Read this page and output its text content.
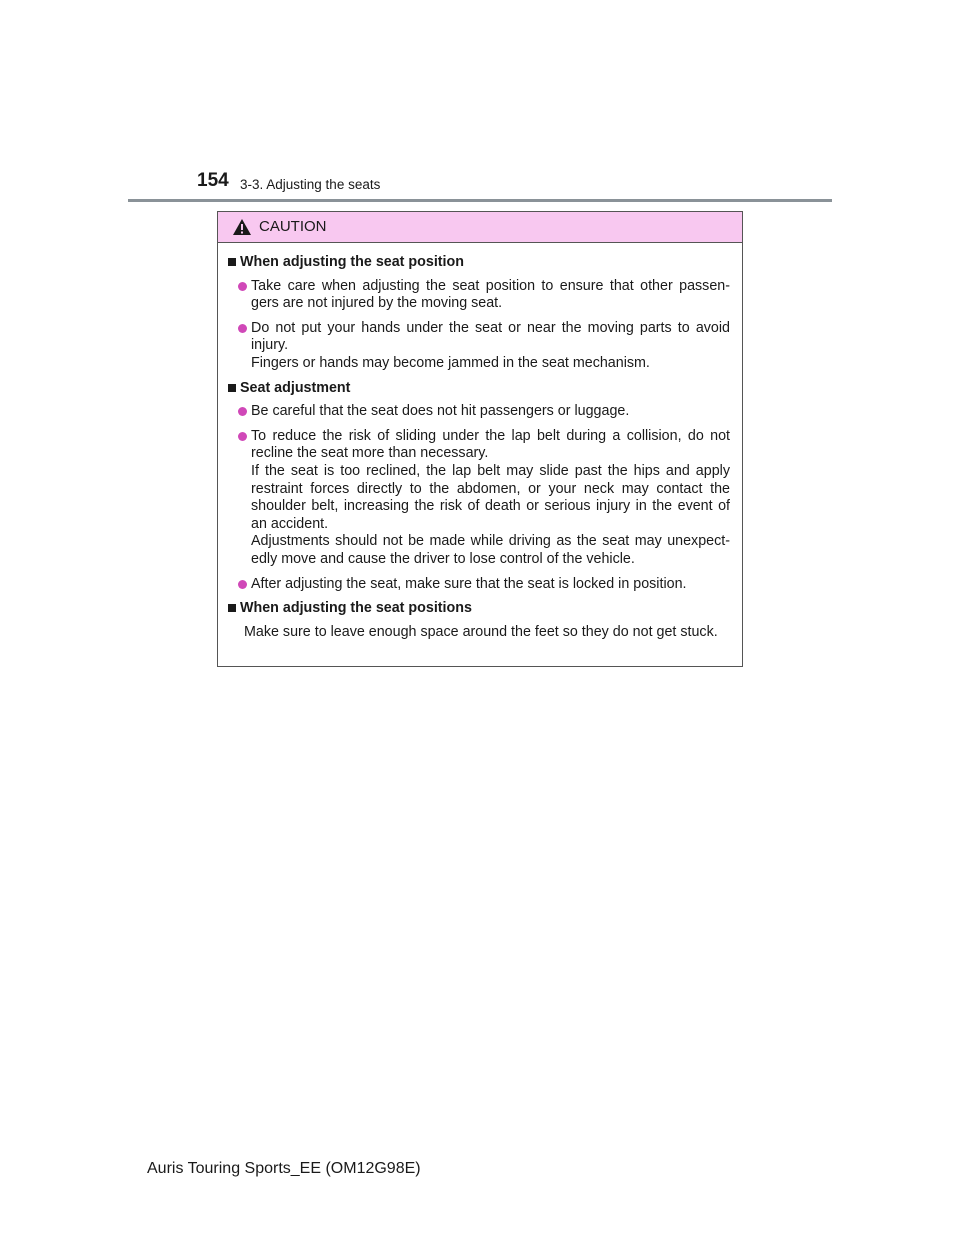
154 3-3. Adjusting the seats
CAUTION
When adjusting the seat position

Take care when adjusting the seat position to ensure that other passen-gers are not injured by the moving seat.

Do not put your hands under the seat or near the moving parts to avoid injury.

Fingers or hands may become jammed in the seat mechanism.

Seat adjustment

Be careful that the seat does not hit passengers or luggage.

To reduce the risk of sliding under the lap belt during a collision, do not recline the seat more than necessary.

If the seat is too reclined, the lap belt may slide past the hips and apply restraint forces directly to the abdomen, or your neck may contact the shoulder belt, increasing the risk of death or serious injury in the event of an accident.

Adjustments should not be made while driving as the seat may unexpect-edly move and cause the driver to lose control of the vehicle.

After adjusting the seat, make sure that the seat is locked in position.

When adjusting the seat positions

Make sure to leave enough space around the feet so they do not get stuck.

Auris Touring Sports_EE (OM12G98E)
carmanualsonline.info
